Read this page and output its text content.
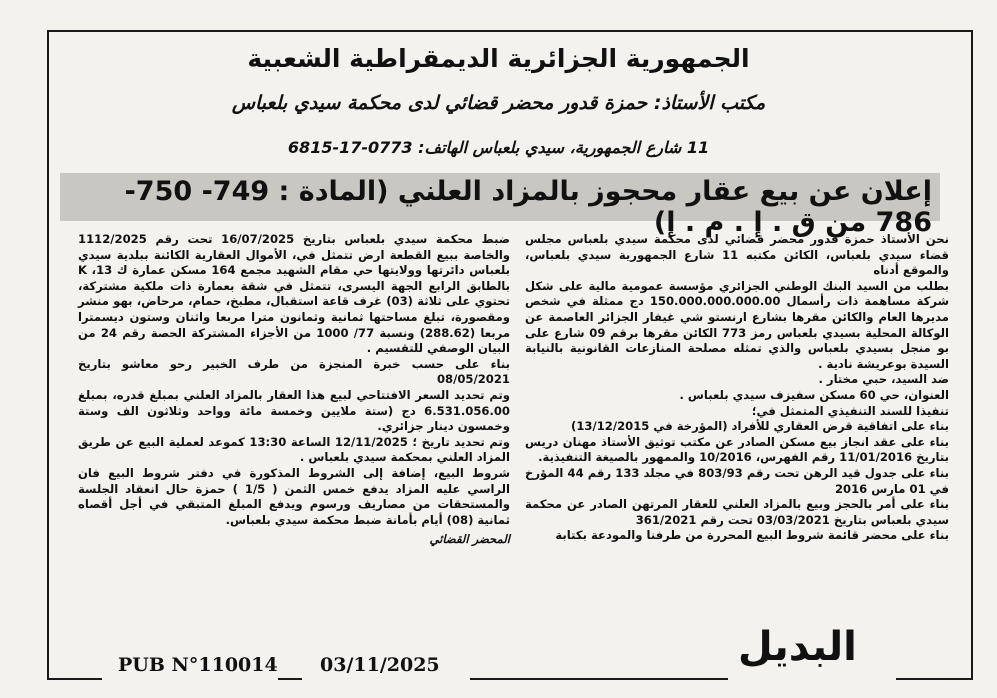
الجمهورية الجزائرية الديمقراطية الشعبية
مكتب الأستاذ: حمزة قدور محضر قضائي لدى محكمة سيدي بلعباس
11 شارع الجمهورية، سيدي بلعباس الهاتف: 0773-17-6815
إعلان عن بيع عقار محجوز بالمزاد العلني (المادة : 749- 750- 786 من ق . إ . م . إ)

نحن الأستاذ حمزة قدور محضر قضائي لدى محكمة سيدي بلعباس مجلس قضاء سيدي بلعباس، الكائن مكتبه 11 شارع الجمهورية سيدي بلعباس، والموقع أدناه

بطلب من السيد البنك الوطني الجزائري مؤسسة عمومية مالية على شكل شركة مساهمة ذات رأسمال 150.000.000.000.00 دج ممثلة في شخص مديرها العام والكائن مقرها بشارع ارنستو شي غيفار الجزائر العاصمة عن الوكالة المحلية بسيدي بلعباس رمز 773 الكائن مقرها برقم 09 شارع على بو منجل بسيدي بلعباس والذي تمثله مصلحة المنازعات القانونية بالنيابة السيدة بوعريشة نادية .

ضد السيد، حبي مختار .

العنوان، حي 60 مسكن سفيزف سيدي بلعباس .

تنفيذا للسند التنفيذي المتمثل في؛

بناء على اتفاقية قرض العقاري للأفراد (المؤرخة في 13/12/2015)

بناء على عقد انجاز بيع مسكن الصادر عن مكتب توثيق الأستاذ مهنان دريس بتاريخ 11/01/2016 رقم الفهرس، 10/2016 والممهور بالصيغة التنفيذية.

بناء على جدول قيد الرهن تحت رقم 803/93 في مجلد 133 رقم 44 المؤرخ في 01 مارس 2016

بناء على أمر بالحجز وبيع بالمزاد العلني للعقار المرتهن الصادر عن محكمة سيدي بلعباس بتاريخ 03/03/2021 تحت رقم 361/2021

بناء على محضر قائمة شروط البيع المحررة من طرفنا والمودعة بكتابة

ضبط محكمة سيدي بلعباس بتاريخ 16/07/2025 تحت رقم 1112/2025 والخاصة ببيع القطعة ارض تتمثل في، الأموال العقارية الكائنة ببلدية سيدي بلعباس دائرتها وولايتها حي مقام الشهيد مجمع 164 مسكن عمارة ك 13، K بالطابق الرابع الجهة اليسرى، تتمثل في شقة بعمارة ذات ملكية مشتركة، تحتوي على ثلاثة (03) غرف قاعة استقبال، مطبخ، حمام، مرحاض، بهو منشر ومقصورة، تبلغ مساحتها ثمانية وثمانون مترا مربعا واثنان وستون ديسمترا مربعا (288.62) ونسبة 77/ 1000 من الأجزاء المشتركة الحصة رقم 24 من البيان الوصفي للتقسيم .

بناء على حسب خبرة المنجزة من طرف الخبير رحو معاشو بتاريخ 08/05/2021

وتم تحديد السعر الافتتاحي لبيع هذا العقار بالمزاد العلني بمبلغ قدره، بمبلغ 6.531.056.00 دج (ستة ملايين وخمسة مائة وواحد وثلاثون الف وستة وخمسون دينار جزائري.

وتم تحديد تاريخ ؛ 12/11/2025 الساعة 13:30 كموعد لعملية البيع عن طريق المزاد العلني بمحكمة سيدي بلعباس .

شروط البيع، إضافة إلى الشروط المذكورة في دفتر شروط البيع فان الراسي عليه المزاد يدفع خمس الثمن ( 1/5 ) حمزة حال انعقاد الجلسة والمستحقات من مصاريف ورسوم ويدفع المبلغ المتبقي في أجل أقصاه ثمانية (08) أيام بأمانة ضبط محكمة سيدي بلعباس.

المحضر القضائي

PUB N°110014 03/11/2025	البديل
